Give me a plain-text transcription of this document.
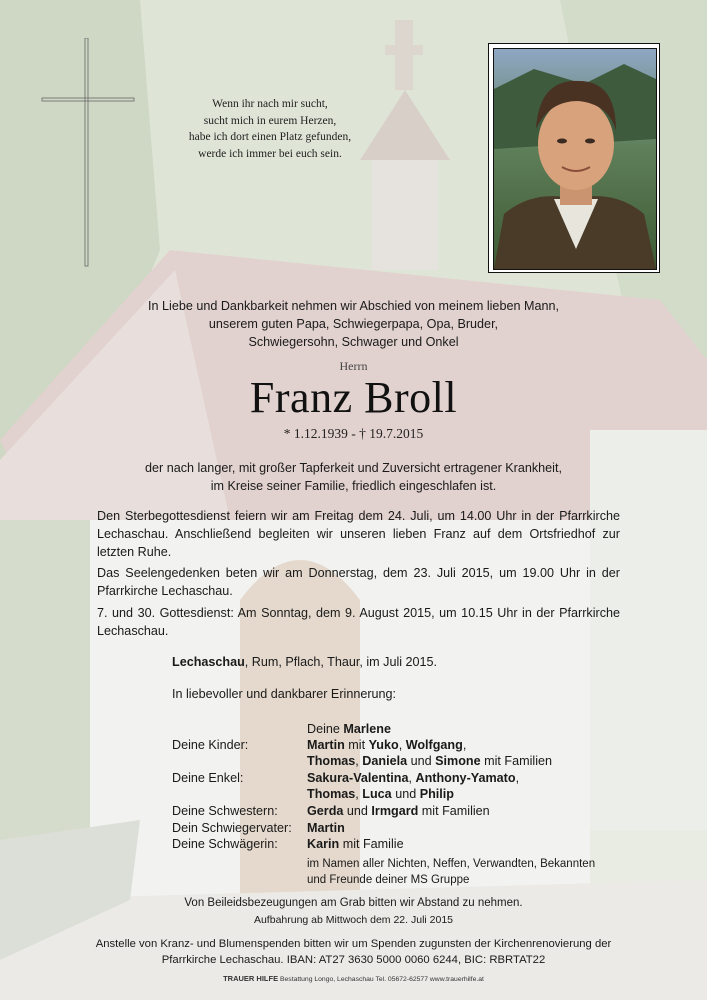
Wenn ihr nach mir sucht,
sucht mich in eurem Herzen,
habe ich dort einen Platz gefunden,
werde ich immer bei euch sein.
In Liebe und Dankbarkeit nehmen wir Abschied von meinem lieben Mann,
unserem guten Papa, Schwiegerpapa, Opa, Bruder,
Schwiegersohn, Schwager und Onkel
Herrn
Franz Broll
* 1.12.1939 - † 19.7.2015
der nach langer, mit großer Tapferkeit und Zuversicht ertragener Krankheit,
im Kreise seiner Familie, friedlich eingeschlafen ist.
Den Sterbegottesdienst feiern wir am Freitag dem 24. Juli, um 14.00 Uhr in der Pfarrkirche Lechaschau. Anschließend begleiten wir unseren lieben Franz auf dem Ortsfriedhof zur letzten Ruhe.
Das Seelengedenken beten wir am Donnerstag, dem 23. Juli 2015, um 19.00 Uhr in der Pfarrkirche Lechaschau.
7. und 30. Gottesdienst: Am Sonntag, dem 9. August 2015, um 10.15 Uhr in der Pfarrkirche Lechaschau.
Lechaschau, Rum, Pflach, Thaur, im Juli 2015.
In liebevoller und dankbarer Erinnerung:
Deine Marlene
Deine Kinder:	Martin mit Yuko, Wolfgang,
Thomas, Daniela und Simone mit Familien
Deine Enkel:	Sakura-Valentina, Anthony-Yamato,
Thomas, Luca und Philip
Deine Schwestern: Gerda und Irmgard mit Familien
Dein Schwiegervater: Martin
Deine Schwägerin: Karin mit Familie
im Namen aller Nichten, Neffen, Verwandten, Bekannten
und Freunde deiner MS Gruppe
Von Beileidsbezeugungen am Grab bitten wir Abstand zu nehmen.
Aufbahrung ab Mittwoch dem 22. Juli 2015
Anstelle von Kranz- und Blumenspenden bitten wir um Spenden zugunsten der Kirchenrenovierung der
Pfarrkirche Lechaschau. IBAN: AT27 3630 5000 0060 6244, BIC: RBRTAT22
TRAUER HILFE Bestattung Longo, Lechaschau Tel. 05672-62577 www.trauerhilfe.at
